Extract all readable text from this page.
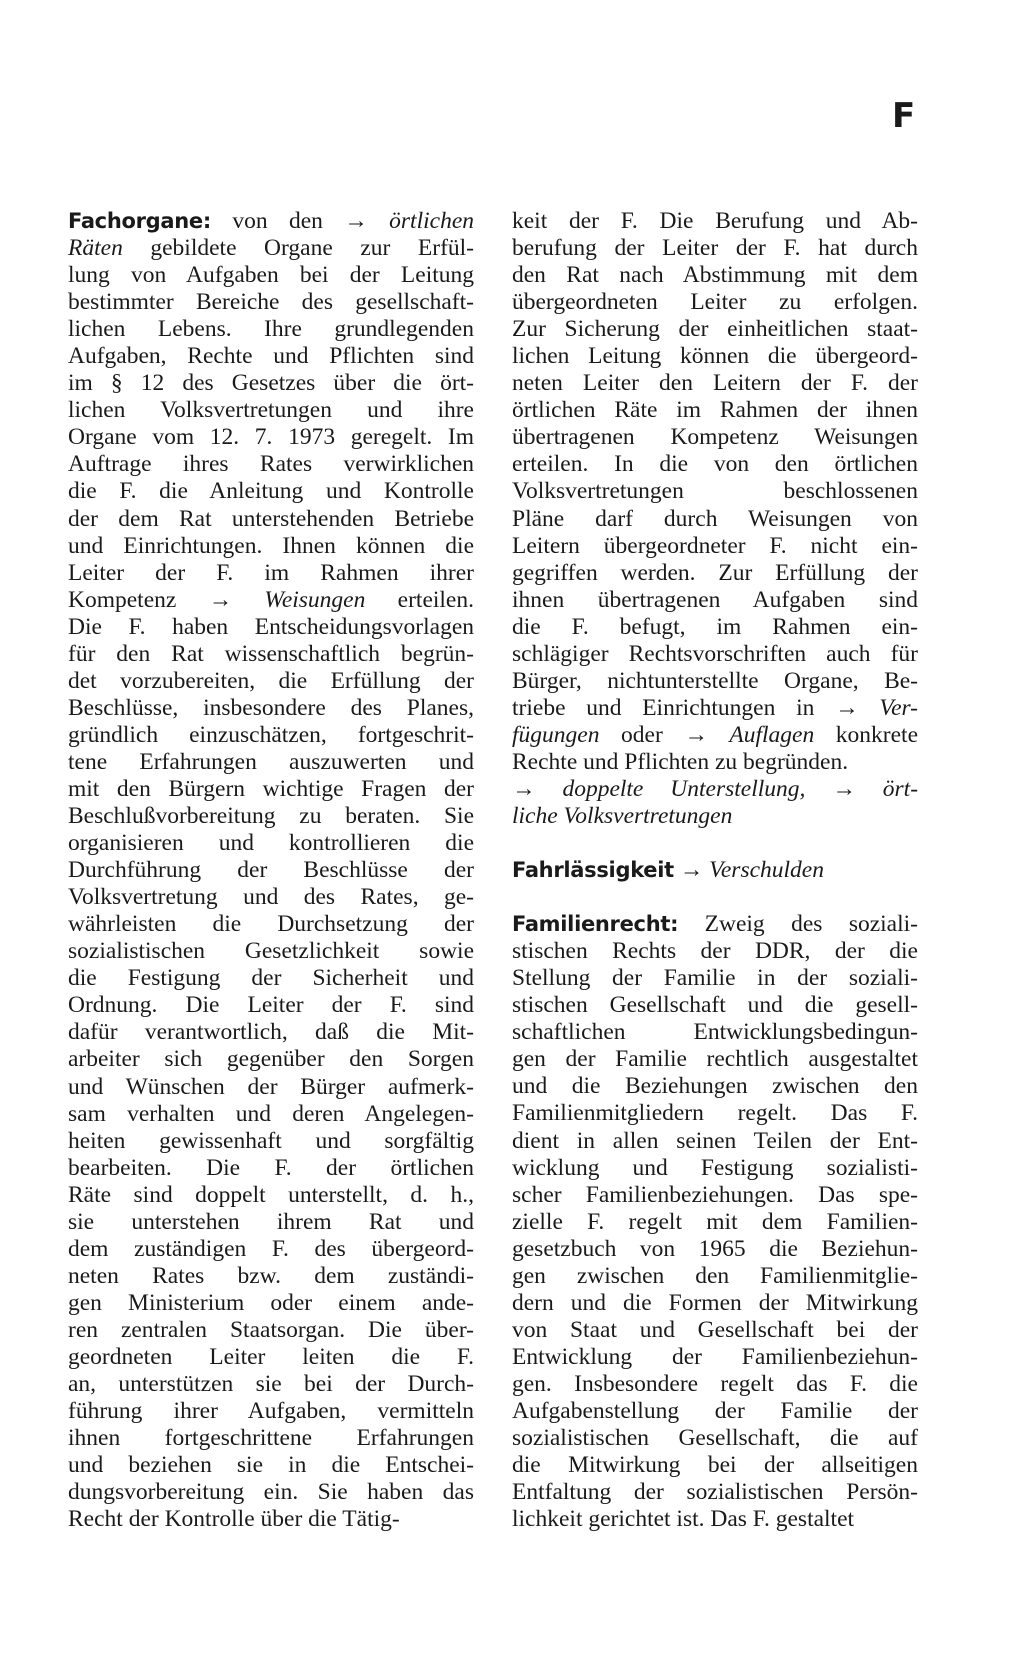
F
Fachorgane: von den → örtlichen
Räten gebildete Organe zur Erfül-
lung von Aufgaben bei der Leitung
bestimmter Bereiche des gesellschaft-
lichen Lebens. Ihre grundlegenden
Aufgaben, Rechte und Pflichten sind
im § 12 des Gesetzes über die ört-
lichen Volksvertretungen und ihre
Organe vom 12. 7. 1973 geregelt. Im
Auftrage ihres Rates verwirklichen
die F. die Anleitung und Kontrolle
der dem Rat unterstehenden Betriebe
und Einrichtungen. Ihnen können die
Leiter der F. im Rahmen ihrer
Kompetenz → Weisungen erteilen.
Die F. haben Entscheidungsvorlagen
für den Rat wissenschaftlich begrün-
det vorzubereiten, die Erfüllung der
Beschlüsse, insbesondere des Planes,
gründlich einzuschätzen, fortgeschrit-
tene Erfahrungen auszuwerten und
mit den Bürgern wichtige Fragen der
Beschlußvorbereitung zu beraten. Sie
organisieren und kontrollieren die
Durchführung der Beschlüsse der
Volksvertretung und des Rates, ge-
währleisten die Durchsetzung der
sozialistischen Gesetzlichkeit sowie
die Festigung der Sicherheit und
Ordnung. Die Leiter der F. sind
dafür verantwortlich, daß die Mit-
arbeiter sich gegenüber den Sorgen
und Wünschen der Bürger aufmerk-
sam verhalten und deren Angelegen-
heiten gewissenhaft und sorgfältig
bearbeiten. Die F. der örtlichen
Räte sind doppelt unterstellt, d. h.,
sie unterstehen ihrem Rat und
dem zuständigen F. des übergeord-
neten Rates bzw. dem zuständi-
gen Ministerium oder einem ande-
ren zentralen Staatsorgan. Die über-
geordneten Leiter leiten die F.
an, unterstützen sie bei der Durch-
führung ihrer Aufgaben, vermitteln
ihnen fortgeschrittene Erfahrungen
und beziehen sie in die Entschei-
dungsvorbereitung ein. Sie haben das
Recht der Kontrolle über die Tätig-
keit der F. Die Berufung und Ab-
berufung der Leiter der F. hat durch
den Rat nach Abstimmung mit dem
übergeordneten Leiter zu erfolgen.
Zur Sicherung der einheitlichen staat-
lichen Leitung können die übergeord-
neten Leiter den Leitern der F. der
örtlichen Räte im Rahmen der ihnen
übertragenen Kompetenz Weisungen
erteilen. In die von den örtlichen
Volksvertretungen beschlossenen
Pläne darf durch Weisungen von
Leitern übergeordneter F. nicht ein-
gegriffen werden. Zur Erfüllung der
ihnen übertragenen Aufgaben sind
die F. befugt, im Rahmen ein-
schlägiger Rechtsvorschriften auch für
Bürger, nichtunterstellte Organe, Be-
triebe und Einrichtungen in → Ver-
fügungen oder → Auflagen konkrete
Rechte und Pflichten zu begründen.
→ doppelte Unterstellung, → ört-
liche Volksvertretungen
Fahrlässigkeit → Verschulden
Familienrecht: Zweig des soziali-
stischen Rechts der DDR, der die
Stellung der Familie in der soziali-
stischen Gesellschaft und die gesell-
schaftlichen Entwicklungsbedingun-
gen der Familie rechtlich ausgestaltet
und die Beziehungen zwischen den
Familienmitgliedern regelt. Das F.
dient in allen seinen Teilen der Ent-
wicklung und Festigung sozialisti-
scher Familienbeziehungen. Das spe-
zielle F. regelt mit dem Familien-
gesetzbuch von 1965 die Beziehun-
gen zwischen den Familienmitglie-
dern und die Formen der Mitwirkung
von Staat und Gesellschaft bei der
Entwicklung der Familienbeziehun-
gen. Insbesondere regelt das F. die
Aufgabenstellung der Familie der
sozialistischen Gesellschaft, die auf
die Mitwirkung bei der allseitigen
Entfaltung der sozialistischen Persön-
lichkeit gerichtet ist. Das F. gestaltet
